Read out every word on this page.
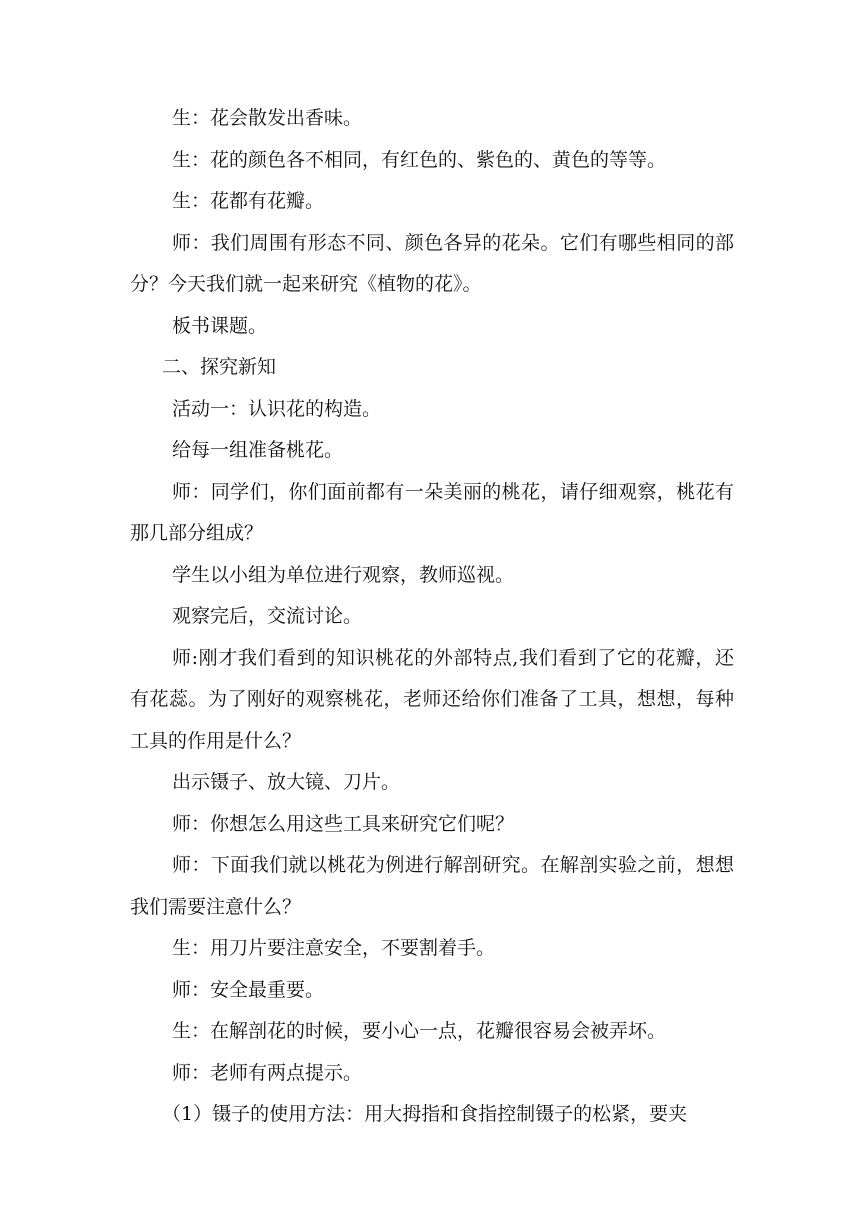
生：花会散发出香味。

生：花的颜色各不相同，有红色的、紫色的、黄色的等等。

生：花都有花瓣。

师：我们周围有形态不同、颜色各异的花朵。它们有哪些相同的部分？今天我们就一起来研究《植物的花》。

板书课题。

二、探究新知

活动一：认识花的构造。

给每一组准备桃花。

师：同学们，你们面前都有一朵美丽的桃花，请仔细观察，桃花有那几部分组成？

学生以小组为单位进行观察，教师巡视。

观察完后，交流讨论。

师:刚才我们看到的知识桃花的外部特点,我们看到了它的花瓣，还有花蕊。为了刚好的观察桃花，老师还给你们准备了工具，想想，每种工具的作用是什么？

出示镊子、放大镜、刀片。

师：你想怎么用这些工具来研究它们呢？

师：下面我们就以桃花为例进行解剖研究。在解剖实验之前，想想我们需要注意什么？

生：用刀片要注意安全，不要割着手。

师：安全最重要。

生：在解剖花的时候，要小心一点，花瓣很容易会被弄坏。

师：老师有两点提示。

（1）镊子的使用方法：用大拇指和食指控制镊子的松紧，要夹
